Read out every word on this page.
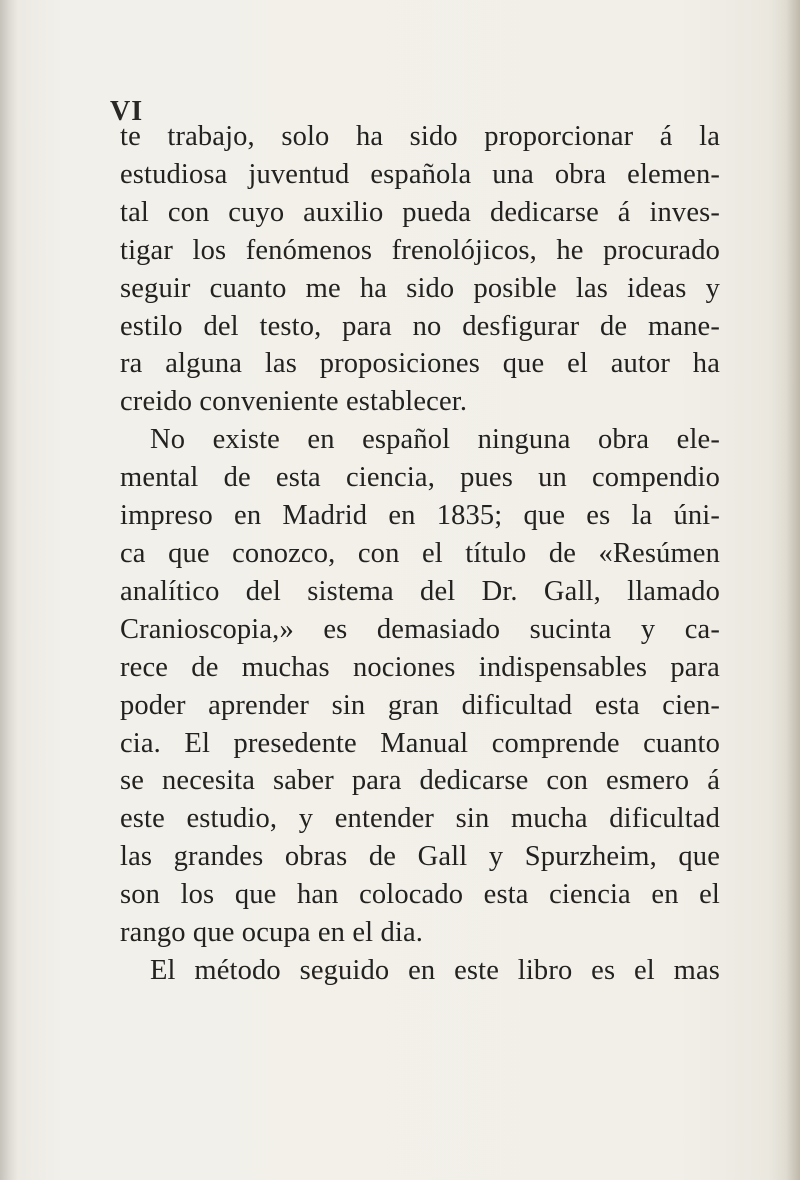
VI
te trabajo, solo ha sido proporcionar á la
estudiosa juventud española una obra elemen-
tal con cuyo auxilio pueda dedicarse á inves-
tigar los fenómenos frenolójicos, he procurado
seguir cuanto me ha sido posible las ideas y
estilo del testo, para no desfigurar de mane-
ra alguna las proposiciones que el autor ha
creido conveniente establecer.
No existe en español ninguna obra ele-
mental de esta ciencia, pues un compendio
impreso en Madrid en 1835; que es la úni-
ca que conozco, con el título de «Resúmen
analítico del sistema del Dr. Gall, llamado
Cranioscopia,» es demasiado sucinta y ca-
rece de muchas nociones indispensables para
poder aprender sin gran dificultad esta cien-
cia. El presedente Manual comprende cuanto
se necesita saber para dedicarse con esmero á
este estudio, y entender sin mucha dificultad
las grandes obras de Gall y Spurzheim, que
son los que han colocado esta ciencia en el
rango que ocupa en el dia.
El método seguido en este libro es el mas
